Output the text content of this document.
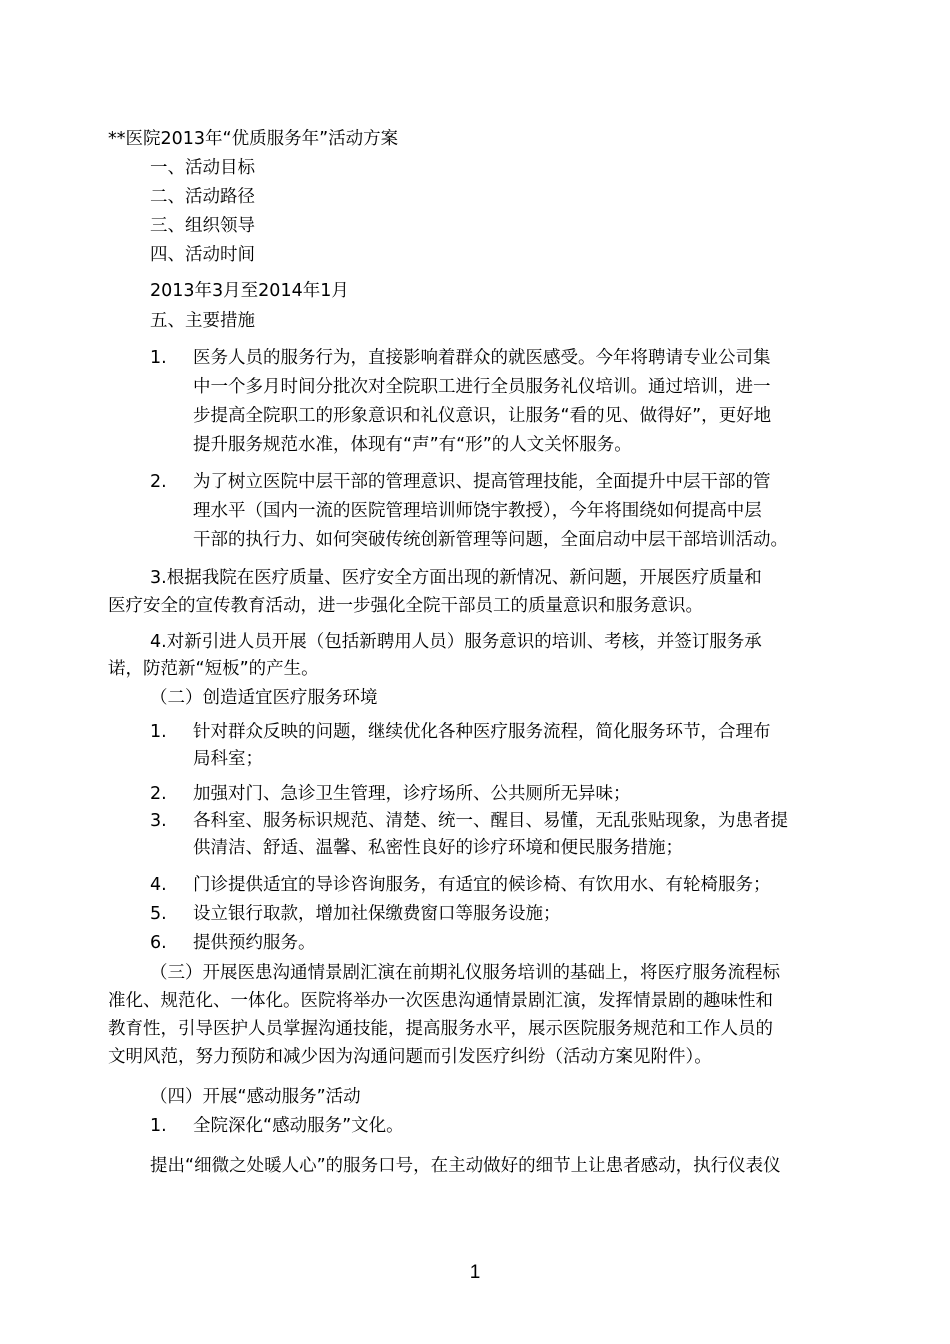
**医院2013年“优质服务年”活动方案
一、活动目标
二、活动路径
三、组织领导
四、活动时间
2013年3月至2014年1月
五、主要措施
1. 医务人员的服务行为，直接影响着群众的就医感受。今年将聘请专业公司集
中一个多月时间分批次对全院职工进行全员服务礼仪培训。通过培训，进一
步提高全院职工的形象意识和礼仪意识，让服务“看的见、做得好”，更好地
提升服务规范水准，体现有“声”有“形”的人文关怀服务。
2. 为了树立医院中层干部的管理意识、提高管理技能，全面提升中层干部的管
理水平（国内一流的医院管理培训师饶宇教授），今年将围绕如何提高中层
干部的执行力、如何突破传统创新管理等问题，全面启动中层干部培训活动。
3.根据我院在医疗质量、医疗安全方面出现的新情况、新问题，开展医疗质量和
医疗安全的宣传教育活动，进一步强化全院干部员工的质量意识和服务意识。
4.对新引进人员开展（包括新聘用人员）服务意识的培训、考核，并签订服务承
诺，防范新“短板”的产生。
（二）创造适宜医疗服务环境
1. 针对群众反映的问题，继续优化各种医疗服务流程，简化服务环节，合理布
局科室；
2. 加强对门、急诊卫生管理，诊疗场所、公共厕所无异味；
3. 各科室、服务标识规范、清楚、统一、醒目、易懂，无乱张贴现象，为患者提
供清洁、舒适、温馨、私密性良好的诊疗环境和便民服务措施；
4. 门诊提供适宜的导诊咨询服务，有适宜的候诊椅、有饮用水、有轮椅服务；
5. 设立银行取款，增加社保缴费窗口等服务设施；
6. 提供预约服务。
（三）开展医患沟通情景剧汇演在前期礼仪服务培训的基础上，将医疗服务流程标
准化、规范化、一体化。医院将举办一次医患沟通情景剧汇演，发挥情景剧的趣味性和
教育性，引导医护人员掌握沟通技能，提高服务水平，展示医院服务规范和工作人员的
文明风范，努力预防和减少因为沟通问题而引发医疗纠纷（活动方案见附件）。
（四）开展“感动服务”活动
1. 全院深化“感动服务”文化。
提出“细微之处暖人心”的服务口号，在主动做好的细节上让患者感动，执行仪表仪
1
